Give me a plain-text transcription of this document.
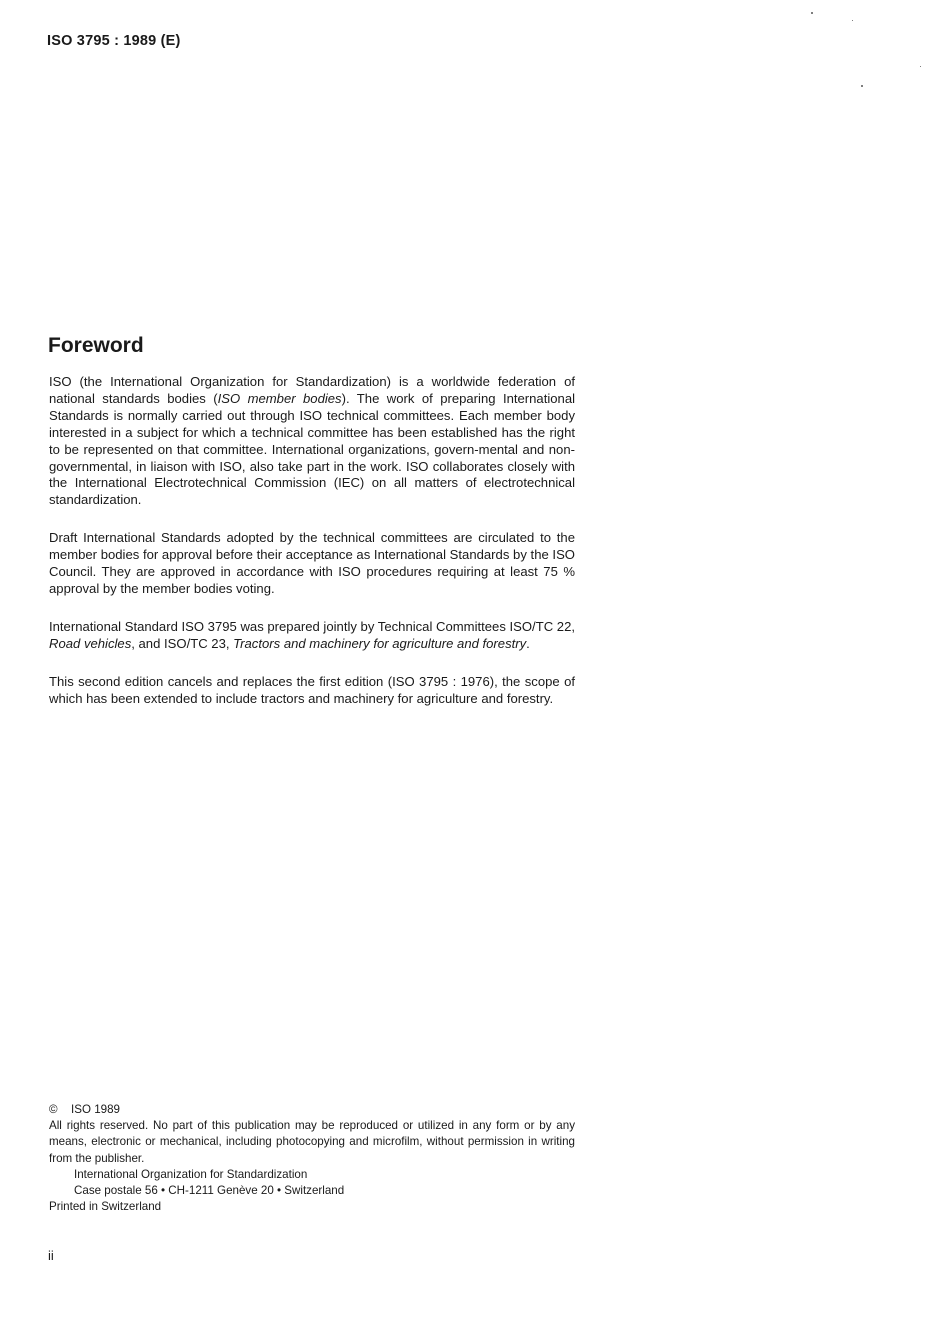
ISO 3795 : 1989 (E)
Foreword

ISO (the International Organization for Standardization) is a worldwide federation of national standards bodies (ISO member bodies). The work of preparing International Standards is normally carried out through ISO technical committees. Each member body interested in a subject for which a technical committee has been established has the right to be represented on that committee. International organizations, govern-mental and non-governmental, in liaison with ISO, also take part in the work. ISO collaborates closely with the International Electrotechnical Commission (IEC) on all matters of electrotechnical standardization.

Draft International Standards adopted by the technical committees are circulated to the member bodies for approval before their acceptance as International Standards by the ISO Council. They are approved in accordance with ISO procedures requiring at least 75 % approval by the member bodies voting.

International Standard ISO 3795 was prepared jointly by Technical Committees ISO/TC 22, Road vehicles, and ISO/TC 23, Tractors and machinery for agriculture and forestry.

This second edition cancels and replaces the first edition (ISO 3795 : 1976), the scope of which has been extended to include tractors and machinery for agriculture and forestry.

© ISO 1989
All rights reserved. No part of this publication may be reproduced or utilized in any form or by any means, electronic or mechanical, including photocopying and microfilm, without permission in writing from the publisher.
International Organization for Standardization
Case postale 56 • CH-1211 Genève 20 • Switzerland
Printed in Switzerland
ii
